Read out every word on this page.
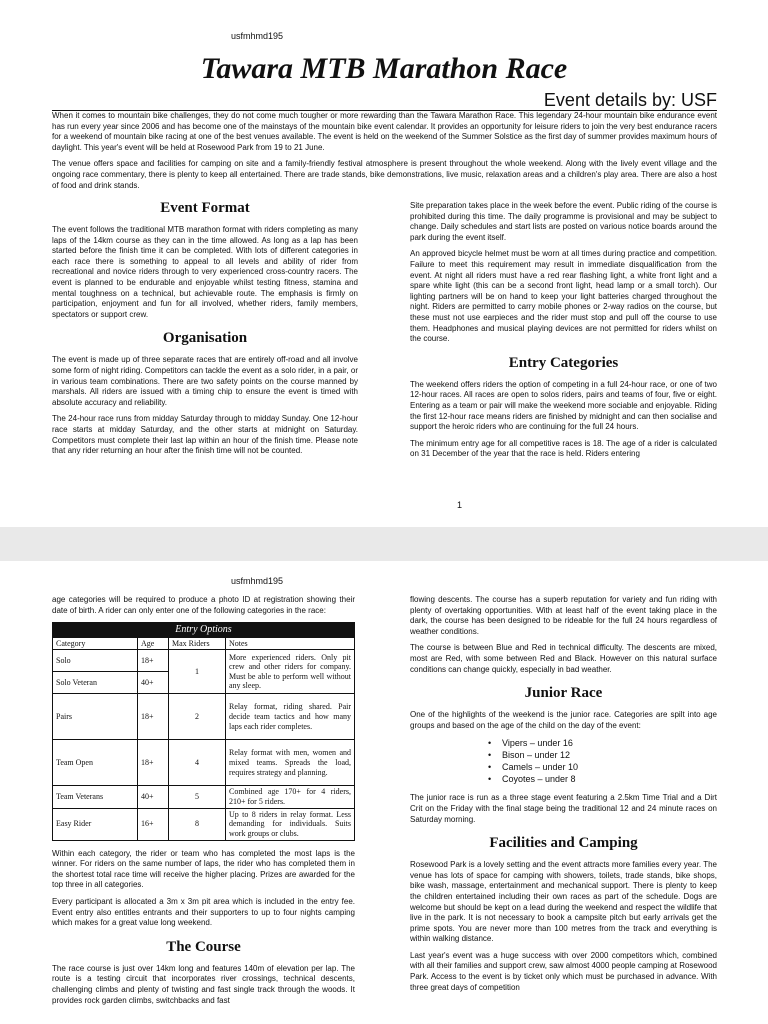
usfmhmd195
Tawara MTB Marathon Race
Event details by: USF

When it comes to mountain bike challenges, they do not come much tougher or more rewarding than the Tawara Marathon Race. This legendary 24-hour mountain bike endurance event has run every year since 2006 and has become one of the mainstays of the mountain bike event calendar. It provides an opportunity for leisure riders to join the very best endurance racers for a weekend of mountain bike racing at one of the best venues available. The event is held on the weekend of the Summer Solstice as the first day of summer provides maximum hours of daylight. This year's event will be held at Rosewood Park from 19 to 21 June.

The venue offers space and facilities for camping on site and a family-friendly festival atmosphere is present throughout the whole weekend. Along with the lively event village and the ongoing race commentary, there is plenty to keep all entertained. There are trade stands, bike demonstrations, live music, relaxation areas and a children's play area. There are also a host of food and drink stands.

Event Format

The event follows the traditional MTB marathon format with riders completing as many laps of the 14km course as they can in the time allowed. As long as a lap has been started before the finish time it can be completed. With lots of different categories in each race there is something to appeal to all levels and ability of rider from recreational and novice riders through to very experienced cross-country racers. The event is planned to be endurable and enjoyable whilst testing fitness, stamina and mental toughness on a technical, but achievable route. The emphasis is firmly on participation, enjoyment and fun for all involved, whether riders, family members, spectators or support crew.

Organisation

The event is made up of three separate races that are entirely off-road and all involve some form of night riding. Competitors can tackle the event as a solo rider, in a pair, or in various team combinations. There are two safety points on the course manned by marshals. All riders are issued with a timing chip to ensure the event is timed with absolute accuracy and reliability.

The 24-hour race runs from midday Saturday through to midday Sunday. One 12-hour race starts at midday Saturday, and the other starts at midnight on Saturday. Competitors must complete their last lap within an hour of the finish time. Please note that any rider returning an hour after the finish time will not be counted.

Site preparation takes place in the week before the event. Public riding of the course is prohibited during this time. The daily programme is provisional and may be subject to change. Daily schedules and start lists are posted on various notice boards around the park during the event itself.

An approved bicycle helmet must be worn at all times during practice and competition. Failure to meet this requirement may result in immediate disqualification from the event. At night all riders must have a red rear flashing light, a white front light and a spare white light (this can be a second front light, head lamp or a small torch). Our lighting partners will be on hand to keep your light batteries charged throughout the night. Riders are permitted to carry mobile phones or 2-way radios on the course, but these must not use earpieces and the rider must stop and pull off the course to use them. Headphones and musical playing devices are not permitted for riders whilst on the course.

Entry Categories

The weekend offers riders the option of competing in a full 24-hour race, or one of two 12-hour races. All races are open to solos riders, pairs and teams of four, five or eight. Entering as a team or pair will make the weekend more sociable and enjoyable. Riding the first 12-hour race means riders are finished by midnight and can then socialise and support the heroic riders who are continuing for the full 24 hours.

The minimum entry age for all competitive races is 18. The age of a rider is calculated on 31 December of the year that the race is held. Riders entering

1
usfmhmd195

age categories will be required to produce a photo ID at registration showing their date of birth. A rider can only enter one of the following categories in the race:

Entry Options			
Category	Age	Max Riders	Notes
Solo	18+	1	More experienced riders. Only pit crew and other riders for company. Must be able to perform well without any sleep.
Solo Veteran	40+		
Pairs	18+	2	Relay format, riding shared. Pair decide team tactics and how many laps each rider completes.
Team Open	18+	4	Relay format with men, women and mixed teams. Spreads the load, requires strategy and planning.
Team Veterans	40+	5	Combined age 170+ for 4 riders, 210+ for 5 riders.
Easy Rider	16+	8	Up to 8 riders in relay format. Less demanding for individuals. Suits work groups or clubs.

Within each category, the rider or team who has completed the most laps is the winner. For riders on the same number of laps, the rider who has completed them in the shortest total race time will receive the higher placing. Prizes are awarded for the top three in all categories.

Every participant is allocated a 3m x 3m pit area which is included in the entry fee. Event entry also entitles entrants and their supporters to up to four nights camping which makes for a great value long weekend.

The Course

The race course is just over 14km long and features 140m of elevation per lap. The route is a testing circuit that incorporates river crossings, technical descents, challenging climbs and plenty of twisting and fast single track through the woods. It provides rock garden climbs, switchbacks and fast

flowing descents. The course has a superb reputation for variety and fun riding with plenty of overtaking opportunities. With at least half of the event taking place in the dark, the course has been designed to be rideable for the full 24 hours regardless of weather conditions.

The course is between Blue and Red in technical difficulty. The descents are mixed, most are Red, with some between Red and Black. However on this natural surface conditions can change quickly, especially in bad weather.

Junior Race

One of the highlights of the weekend is the junior race. Categories are spilt into age groups and based on the age of the child on the day of the event:

• Vipers – under 16
• Bison – under 12
• Camels – under 10
• Coyotes – under 8

The junior race is run as a three stage event featuring a 2.5km Time Trial and a Dirt Crit on the Friday with the final stage being the traditional 12 and 24 minute races on Saturday morning.

Facilities and Camping

Rosewood Park is a lovely setting and the event attracts more families every year. The venue has lots of space for camping with showers, toilets, trade stands, bike shops, bike wash, massage, entertainment and mechanical support. There is plenty to keep the children entertained including their own races as part of the schedule. Dogs are welcome but should be kept on a lead during the weekend and respect the wildlife that live in the park. It is not necessary to book a campsite pitch but early arrivals get the prime spots. You are never more than 100 metres from the track and everything is within walking distance.

Last year's event was a huge success with over 2000 competitors which, combined with all their families and support crew, saw almost 4000 people camping at Rosewood Park. Access to the event is by ticket only which must be purchased in advance. With three great days of competition
